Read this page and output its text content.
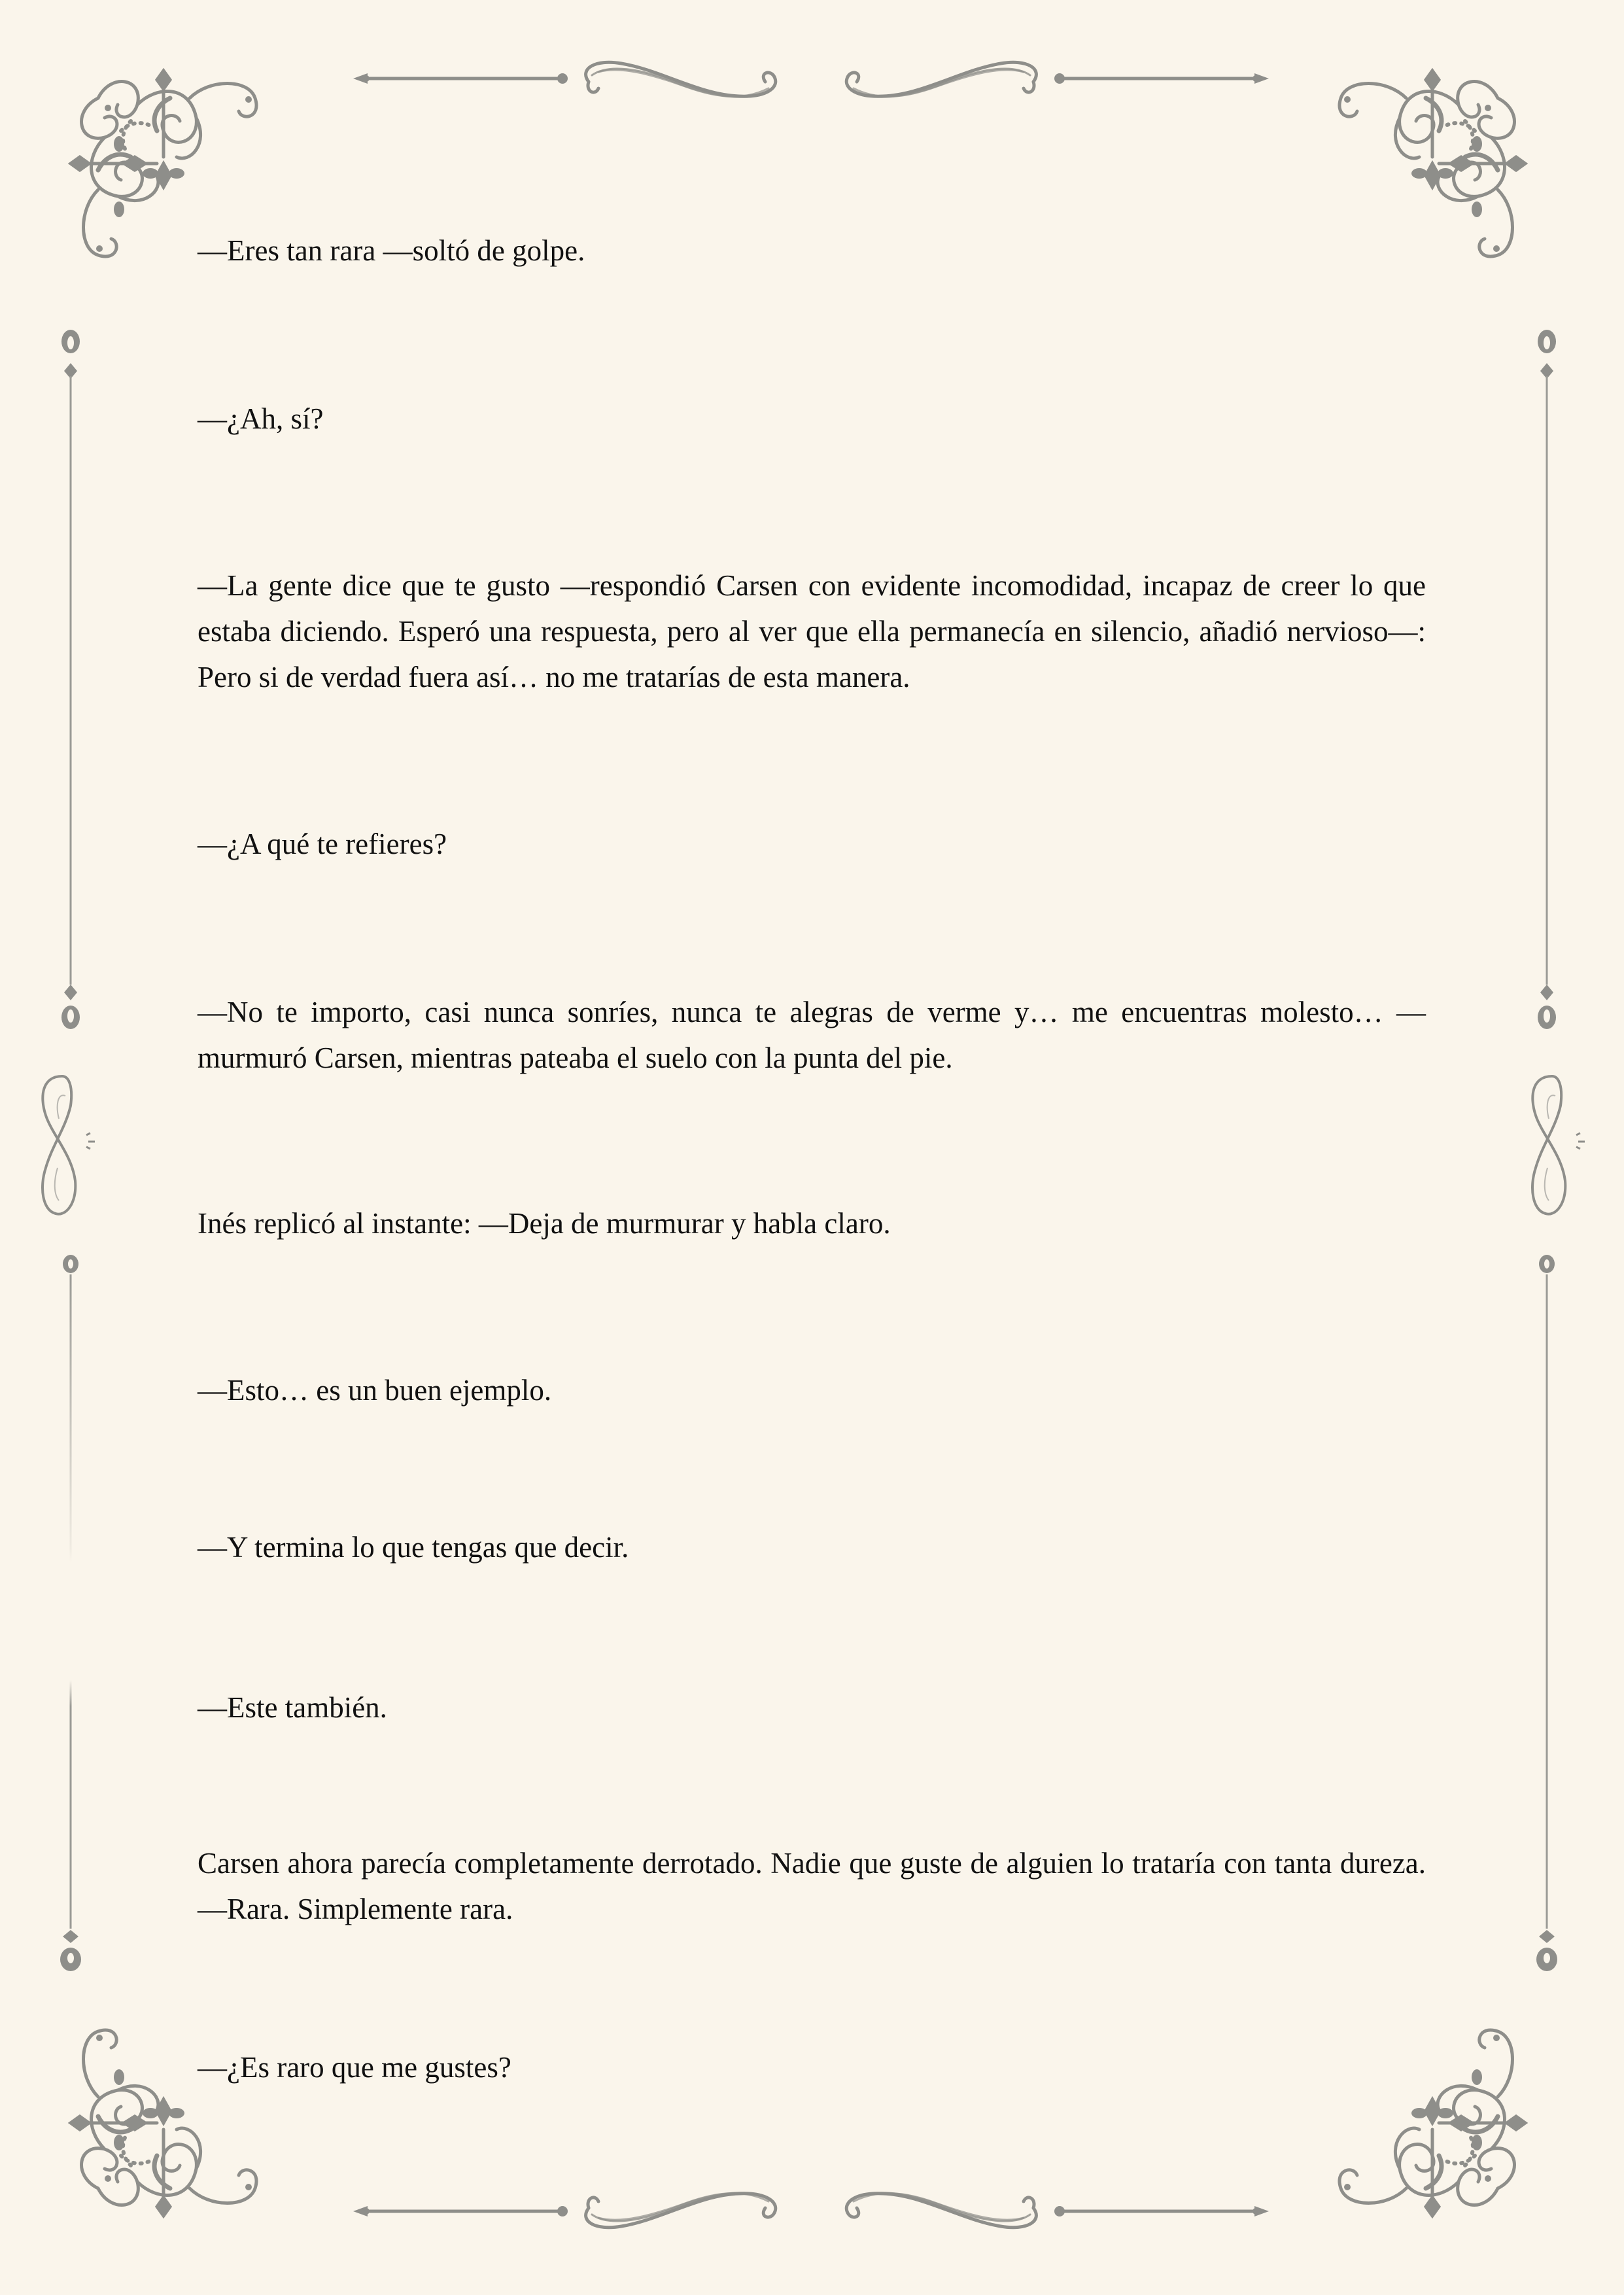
—Eres tan rara —soltó de golpe.

—¿Ah, sí?

—La gente dice que te gusto —respondió Carsen con evidente incomodidad, incapaz de creer lo que estaba diciendo. Esperó una respuesta, pero al ver que ella permanecía en silencio, añadió nervioso—: Pero si de verdad fuera así… no me tratarías de esta manera.

—¿A qué te refieres?

—No te importo, casi nunca sonríes, nunca te alegras de verme y… me encuentras molesto… —murmuró Carsen, mientras pateaba el suelo con la punta del pie.

Inés replicó al instante: —Deja de murmurar y habla claro.

—Esto… es un buen ejemplo.

—Y termina lo que tengas que decir.

—Este también.

Carsen ahora parecía completamente derrotado. Nadie que guste de alguien lo trataría con tanta dureza. —Rara. Simplemente rara.

—¿Es raro que me gustes?
